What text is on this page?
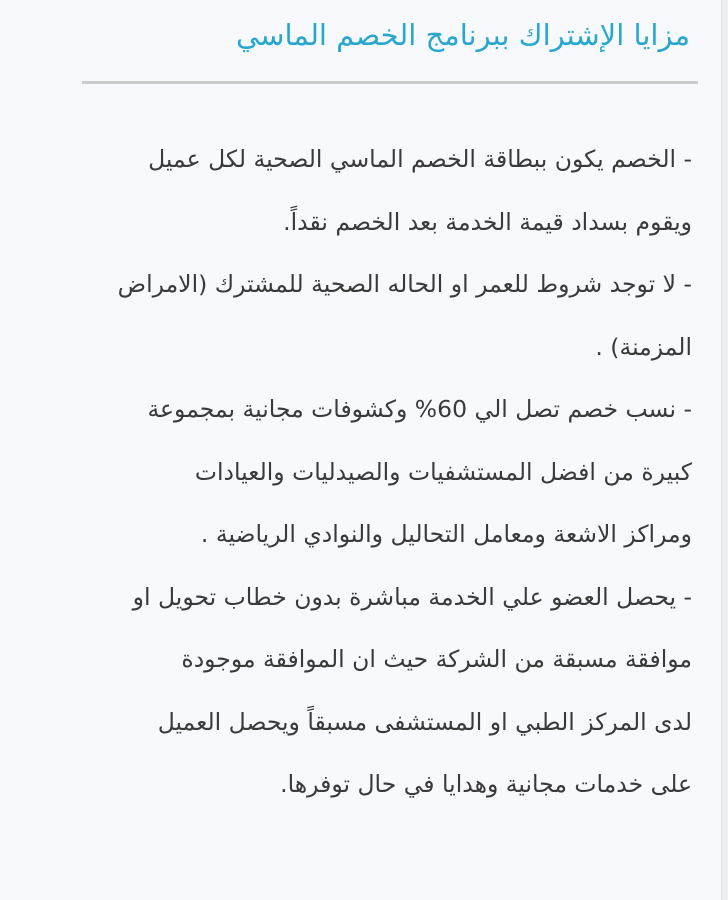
مزايا الإشتراك ببرنامج الخصم الماسي
- الخصم يكون ببطاقة الخصم الماسي الصحية لكل عميل
ويقوم بسداد قيمة الخدمة بعد الخصم نقداً.
- لا توجد شروط للعمر او الحاله الصحية للمشترك (الامراض
المزمنة) .
- نسب خصم تصل الي 60% وكشوفات مجانية بمجموعة
كبيرة من افضل المستشفيات والصيدليات والعيادات
ومراكز الاشعة ومعامل التحاليل والنوادي الرياضية .
- يحصل العضو علي الخدمة مباشرة بدون خطاب تحويل او
موافقة مسبقة من الشركة حيث ان الموافقة موجودة
لدى المركز الطبي او المستشفى مسبقاً ويحصل العميل
على خدمات مجانية وهدايا في حال توفرها.
